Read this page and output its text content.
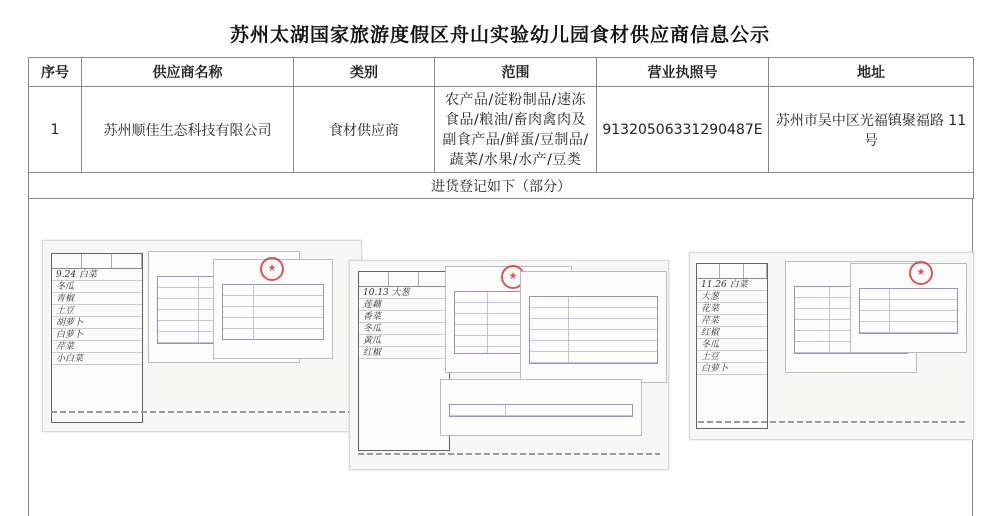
苏州太湖国家旅游度假区舟山实验幼儿园食材供应商信息公示
序号	供应商名称	类别	范围	营业执照号	地址
1	苏州顺佳生态科技有限公司	食材供应商	农产品/淀粉制品/速冻
食品/粮油/畜肉禽肉及
副食产品/鲜蛋/豆制品/
蔬菜/水果/水产/豆类	91320506331290487E	苏州市吴中区光福镇聚福路 11 号
进货登记如下（部分）					
9.24 白菜
冬瓜
青椒
土豆
胡萝卜
白萝卜
芹菜
小白菜
★
10.13 大葱
莲藕
香菜
冬瓜
黄瓜
红椒
★
11.26 白菜
大葱
花菜
芹菜
红椒
冬瓜
土豆
白萝卜
★
